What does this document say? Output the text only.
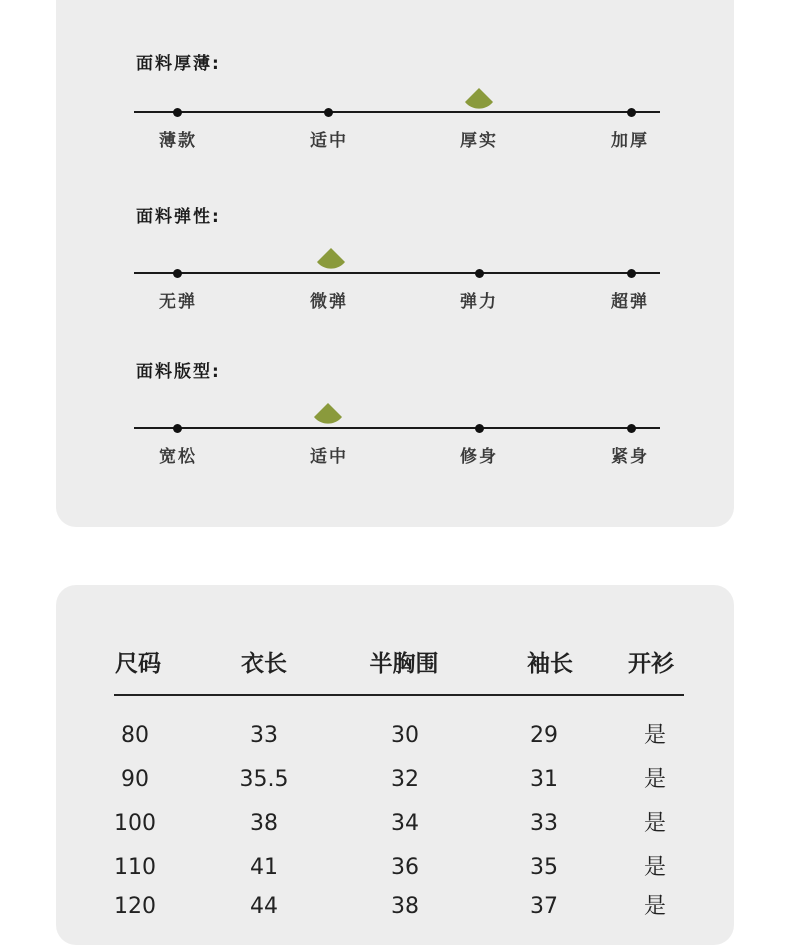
面料厚薄:
薄款	适中	厚实	加厚
面料弹性:
无弹	微弹	弹力	超弹
面料版型:
宽松	适中	修身	紧身
尺码	衣长	半胸围	袖长	开衫
80	33	30	29	是
90	35.5	32	31	是
100	38	34	33	是
110	41	36	35	是
120	44	38	37	是
